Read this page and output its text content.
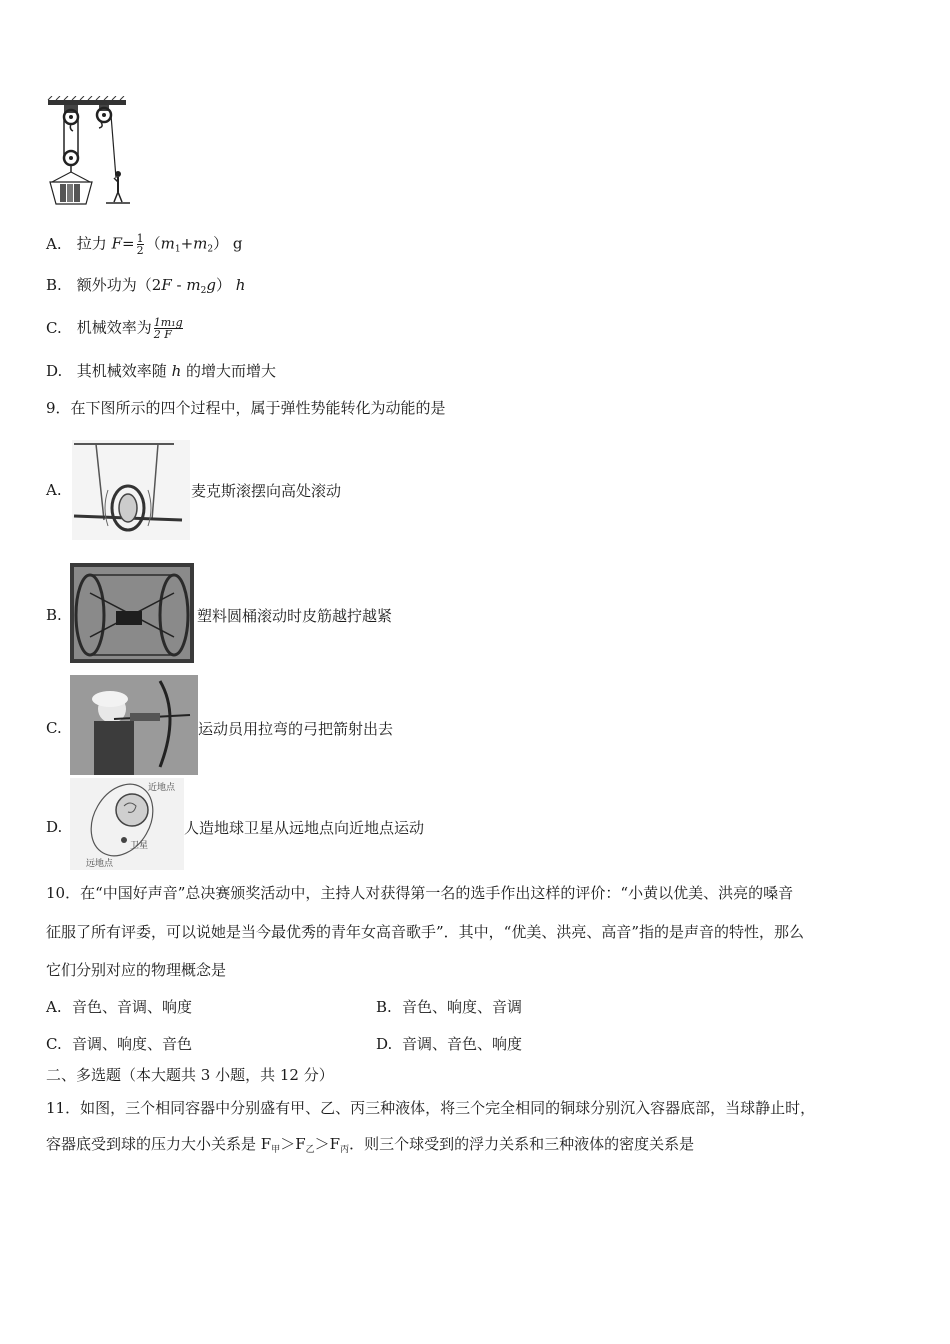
A. 拉力 $F= \frac{1}{2} (m_1+m_2)$ g
B. 额外功为$(2F - m_2g)$ h
C. 机械效率为 $\frac{\text{1m₁g}}{2 F}$
D. 其机械效率随 h 的增大而增大
9．在下图所示的四个过程中，属于弹性势能转化为动能的是
A.	麦克斯滚摆向高处滚动
B.	塑料圆桶滚动时皮筋越拧越紧
C.	运动员用拉弯的弓把箭射出去
D.
近地点
卫星
远地点
人造地球卫星从远地点向近地点运动
10．在“中国好声音”总决赛颁奖活动中，主持人对获得第一名的选手作出这样的评价：“小黄以优美、洪亮的嗓音
征服了所有评委，可以说她是当今最优秀的青年女高音歌手”．其中，“优美、洪亮、高音”指的是声音的特性，那么
它们分别对应的物理概念是
A. 音色、音调、响度	B. 音色、响度、音调
C. 音调、响度、音色	D. 音调、音色、响度
二、多选题（本大题共 3 小题，共 12 分）
11．如图，三个相同容器中分别盛有甲、乙、丙三种液体，将三个完全相同的铜球分别沉入容器底部，当球静止时，
容器底受到球的压力大小关系是 $F_甲>F_乙>F_丙$．则三个球受到的浮力关系和三种液体的密度关系是
